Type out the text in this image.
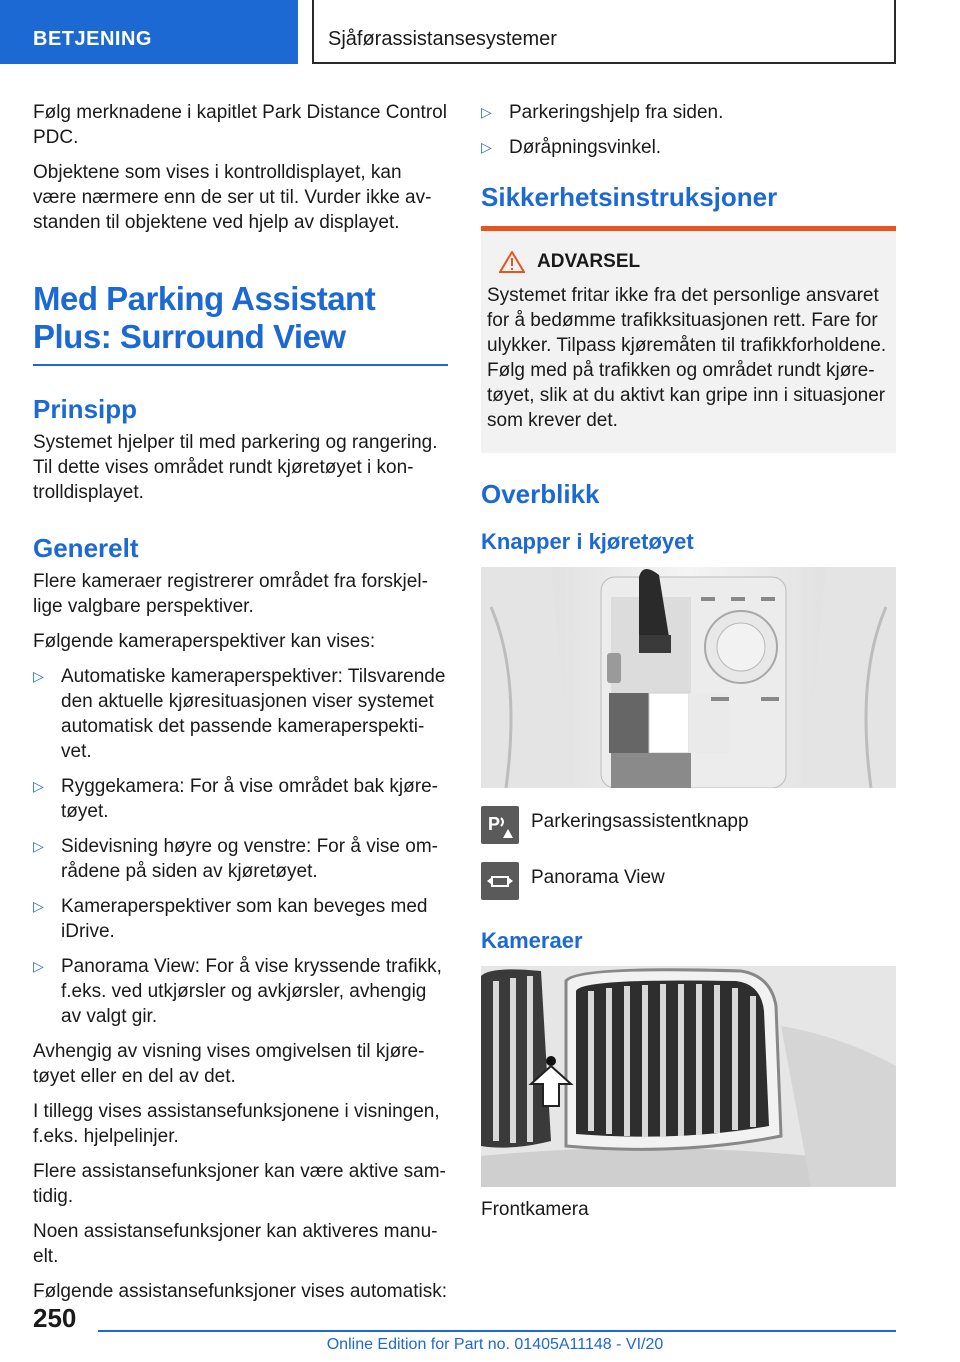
BETJENING	Sjåførassistansesystemer

Følg merknadene i kapitlet Park Distance Control PDC.

Objektene som vises i kontrolldisplayet, kan være nærmere enn de ser ut til. Vurder ikke av-standen til objektene ved hjelp av displayet.

Med Parking Assistant Plus: Surround View
Prinsipp

Systemet hjelper til med parkering og rangering. Til dette vises området rundt kjøretøyet i kon-trolldisplayet.

Generelt

Flere kameraer registrerer området fra forskjel-lige valgbare perspektiver.

Følgende kameraperspektiver kan vises:

▷ Automatiske kameraperspektiver: Tilsvarende den aktuelle kjøresituasjonen viser systemet automatisk det passende kameraperspekti-vet.
▷ Ryggekamera: For å vise området bak kjøre-tøyet.
▷ Sidevisning høyre og venstre: For å vise om-rådene på siden av kjøretøyet.
▷ Kameraperspektiver som kan beveges med iDrive.
▷ Panorama View: For å vise kryssende trafikk, f.eks. ved utkjørsler og avkjørsler, avhengig av valgt gir.

Avhengig av visning vises omgivelsen til kjøre-tøyet eller en del av det.

I tillegg vises assistansefunksjonene i visningen, f.eks. hjelpelinjer.

Flere assistansefunksjoner kan være aktive sam-tidig.

Noen assistansefunksjoner kan aktiveres manu-elt.

Følgende assistansefunksjoner vises automatisk:

▷ Parkeringshjelp fra siden.
▷ Døråpningsvinkel.
Sikkerhetsinstruksjoner
ADVARSEL

Systemet fritar ikke fra det personlige ansvaret for å bedømme trafikksituasjonen rett. Fare for ulykker. Tilpass kjøremåten til trafikkforholdene. Følg med på trafikken og området rundt kjøre-tøyet, slik at du aktivt kan gripe inn i situasjoner som krever det.

Overblikk
Knapper i kjøretøyet
P Parkeringsassistentknapp
Panorama View
Kameraer
Frontkamera
250
Online Edition for Part no. 01405A11148 - VI/20
